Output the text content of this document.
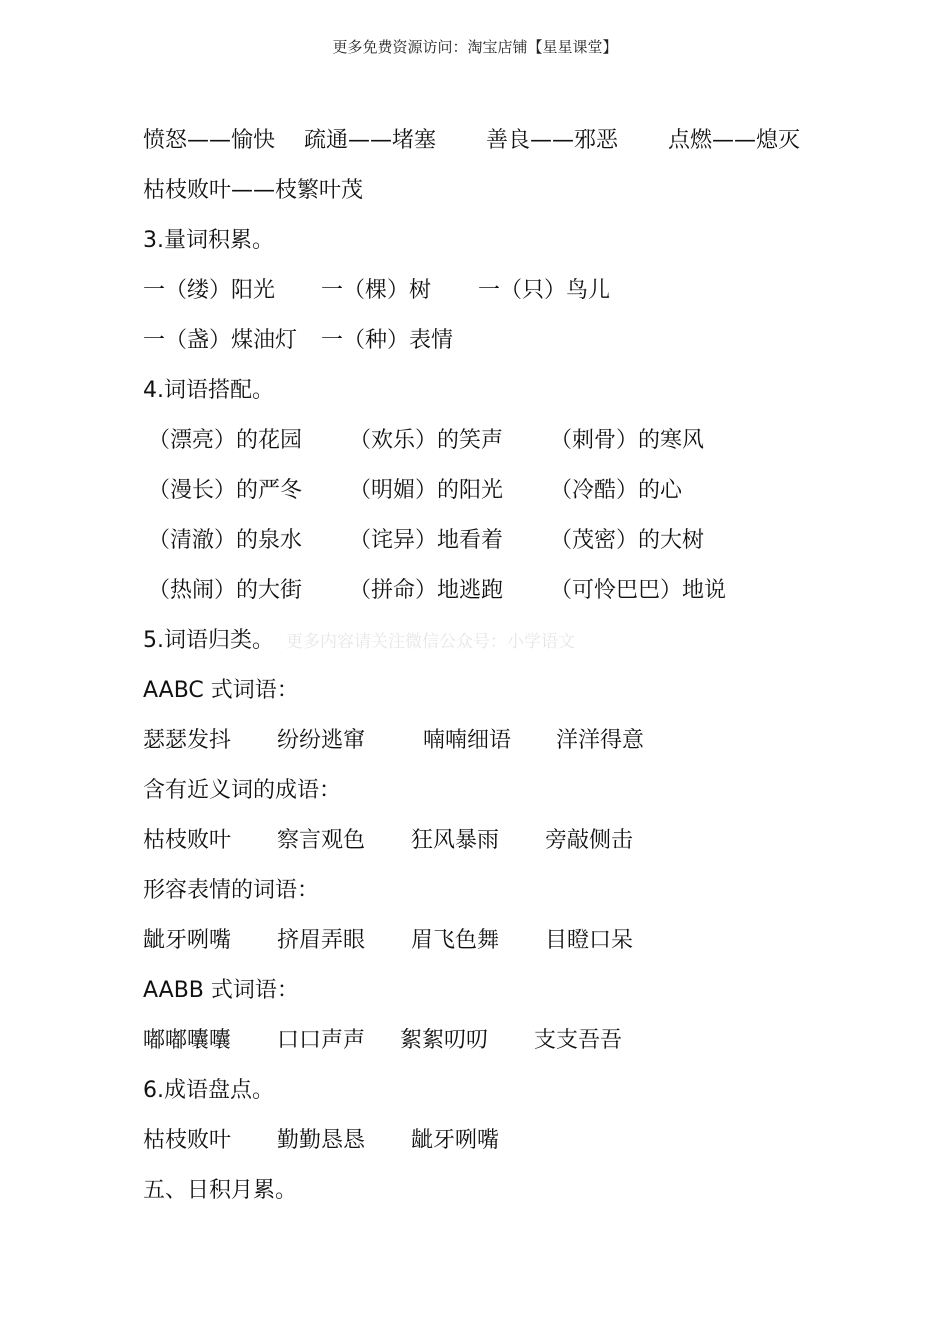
更多免费资源访问：淘宝店铺【星星课堂】
愤怒——愉快 疏通——堵塞 善良——邪恶 点燃——熄灭
枯枝败叶——枝繁叶茂
3.量词积累。
一（缕）阳光 一（棵）树 一（只）鸟儿
一（盏）煤油灯 一（种）表情
4.词语搭配。
（漂亮）的花园 （欢乐）的笑声 （刺骨）的寒风
（漫长）的严冬 （明媚）的阳光 （冷酷）的心
（清澈）的泉水 （诧异）地看着 （茂密）的大树
（热闹）的大街 （拼命）地逃跑 （可怜巴巴）地说
5.词语归类。 更多内容请关注微信公众号：小学语文
AABC 式词语：
瑟瑟发抖 纷纷逃窜	喃喃细语 洋洋得意
含有近义词的成语：
枯枝败叶 察言观色 狂风暴雨 旁敲侧击
形容表情的词语：
龇牙咧嘴 挤眉弄眼 眉飞色舞 目瞪口呆
AABB 式词语：
嘟嘟囔囔 口口声声 絮絮叨叨 支支吾吾
6.成语盘点。
枯枝败叶 勤勤恳恳 龇牙咧嘴
五、日积月累。
